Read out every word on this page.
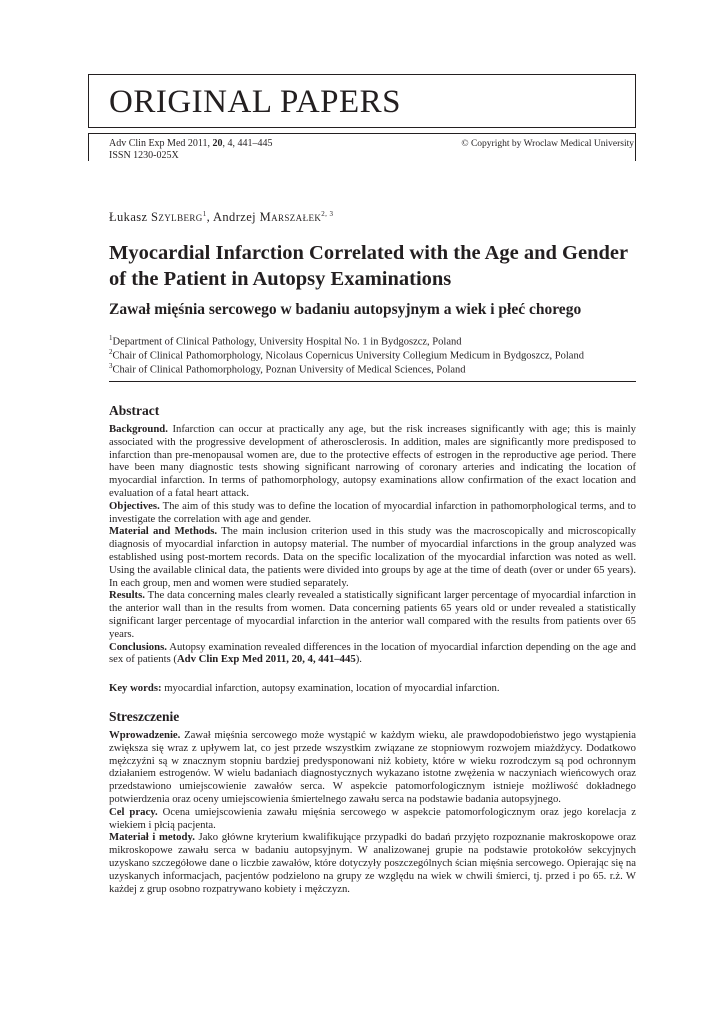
ORIGINAL PAPERS
Adv Clin Exp Med 2011, 20, 4, 441–445
ISSN 1230-025X
© Copyright by Wroclaw Medical University
Łukasz Szylberg$^1$, Andrzej Marszałek$^{2, 3}$
Myocardial Infarction Correlated with the Age and Gender of the Patient in Autopsy Examinations
Zawał mięśnia sercowego w badaniu autopsyjnym a wiek i płeć chorego
$^1$Department of Clinical Pathology, University Hospital No. 1 in Bydgoszcz, Poland
$^2$Chair of Clinical Pathomorphology, Nicolaus Copernicus University Collegium Medicum in Bydgoszcz, Poland
$^3$Chair of Clinical Pathomorphology, Poznan University of Medical Sciences, Poland
Abstract

Background. Infarction can occur at practically any age, but the risk increases significantly with age; this is mainly associated with the progressive development of atherosclerosis. In addition, males are significantly more predisposed to infarction than pre-menopausal women are, due to the protective effects of estrogen in the reproductive age period. There have been many diagnostic tests showing significant narrowing of coronary arteries and indicating the location of myocardial infarction. In terms of pathomorphology, autopsy examinations allow confirmation of the exact location and evaluation of a fatal heart attack.

Objectives. The aim of this study was to define the location of myocardial infarction in pathomorphological terms, and to investigate the correlation with age and gender.

Material and Methods. The main inclusion criterion used in this study was the macroscopically and microscopically diagnosis of myocardial infarction in autopsy material. The number of myocardial infarctions in the group analyzed was established using post-mortem records. Data on the specific localization of the myocardial infarction was noted as well. Using the available clinical data, the patients were divided into groups by age at the time of death (over or under 65 years). In each group, men and women were studied separately.

Results. The data concerning males clearly revealed a statistically significant larger percentage of myocardial infarction in the anterior wall than in the results from women. Data concerning patients 65 years old or under revealed a statistically significant larger percentage of myocardial infarction in the anterior wall compared with the results from patients over 65 years.

Conclusions. Autopsy examination revealed differences in the location of myocardial infarction depending on the age and sex of patients (Adv Clin Exp Med 2011, 20, 4, 441–445).

Key words: myocardial infarction, autopsy examination, location of myocardial infarction.

Streszczenie

Wprowadzenie. Zawał mięśnia sercowego może wystąpić w każdym wieku, ale prawdopodobieństwo jego wystąpienia zwiększa się wraz z upływem lat, co jest przede wszystkim związane ze stopniowym rozwojem miażdżycy. Dodatkowo mężczyźni są w znacznym stopniu bardziej predysponowani niż kobiety, które w wieku rozrodczym są pod ochronnym działaniem estrogenów. W wielu badaniach diagnostycznych wykazano istotne zwężenia w naczyniach wieńcowych oraz przedstawiono umiejscowienie zawałów serca. W aspekcie patomorfologicznym istnieje możliwość dokładnego potwierdzenia oraz oceny umiejscowienia śmiertelnego zawału serca na podstawie badania autopsyjnego.

Cel pracy. Ocena umiejscowienia zawału mięśnia sercowego w aspekcie patomorfologicznym oraz jego korelacja z wiekiem i płcią pacjenta.

Materiał i metody. Jako główne kryterium kwalifikujące przypadki do badań przyjęto rozpoznanie makroskopowe oraz mikroskopowe zawału serca w badaniu autopsyjnym. W analizowanej grupie na podstawie protokołów sekcyjnych uzyskano szczegółowe dane o liczbie zawałów, które dotyczyły poszczególnych ścian mięśnia sercowego. Opierając się na uzyskanych informacjach, pacjentów podzielono na grupy ze względu na wiek w chwili śmierci, tj. przed i po 65. r.ż. W każdej z grup osobno rozpatrywano kobiety i mężczyzn.
